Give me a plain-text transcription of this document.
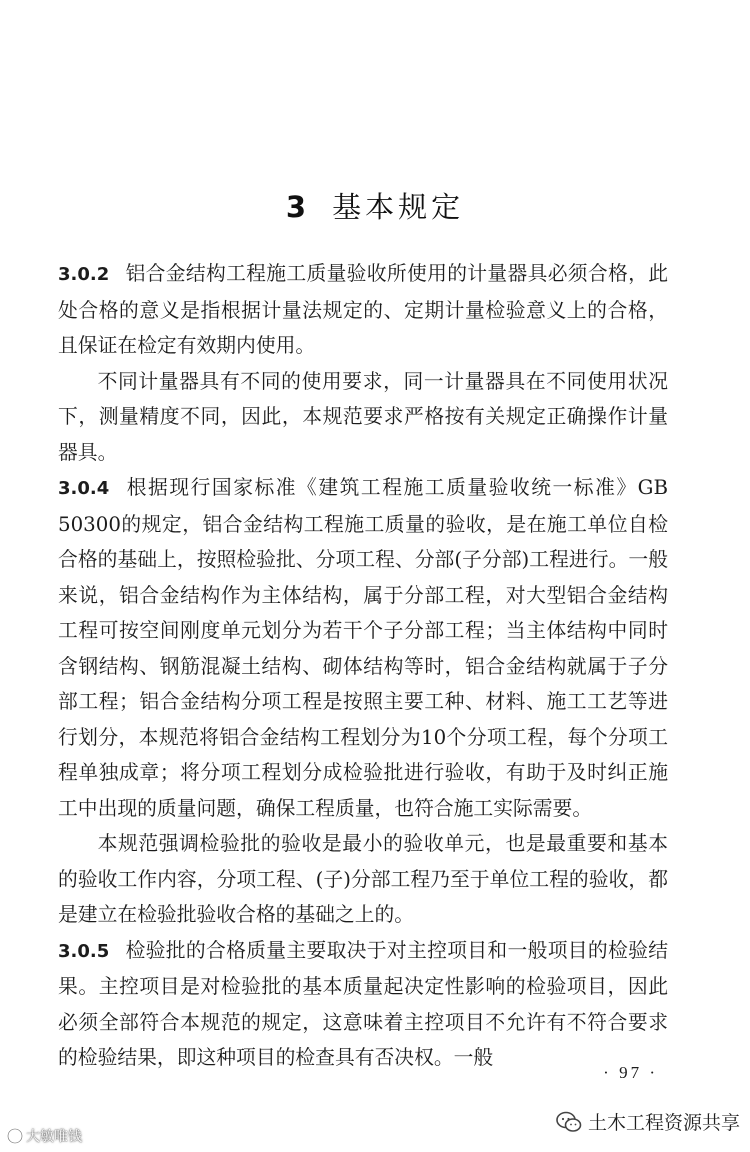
3 基本规定

3.0.2 铝合金结构工程施工质量验收所使用的计量器具必须合格，此处合格的意义是指根据计量法规定的、定期计量检验意义上的合格，且保证在检定有效期内使用。

不同计量器具有不同的使用要求，同一计量器具在不同使用状况下，测量精度不同，因此，本规范要求严格按有关规定正确操作计量器具。

3.0.4 根据现行国家标准《建筑工程施工质量验收统一标准》GB 50300的规定，铝合金结构工程施工质量的验收，是在施工单位自检合格的基础上，按照检验批、分项工程、分部(子分部)工程进行。一般来说，铝合金结构作为主体结构，属于分部工程，对大型铝合金结构工程可按空间刚度单元划分为若干个子分部工程；当主体结构中同时含钢结构、钢筋混凝土结构、砌体结构等时，铝合金结构就属于子分部工程；铝合金结构分项工程是按照主要工种、材料、施工工艺等进行划分，本规范将铝合金结构工程划分为10个分项工程，每个分项工程单独成章；将分项工程划分成检验批进行验收，有助于及时纠正施工中出现的质量问题，确保工程质量，也符合施工实际需要。

本规范强调检验批的验收是最小的验收单元，也是最重要和基本的验收工作内容，分项工程、(子)分部工程乃至于单位工程的验收，都是建立在检验批验收合格的基础之上的。

3.0.5 检验批的合格质量主要取决于对主控项目和一般项目的检验结果。主控项目是对检验批的基本质量起决定性影响的检验项目，因此必须全部符合本规范的规定，这意味着主控项目不允许有不符合要求的检验结果，即这种项目的检查具有否决权。一般

· 97 ·
土木工程资源共享
大敏唯钱
